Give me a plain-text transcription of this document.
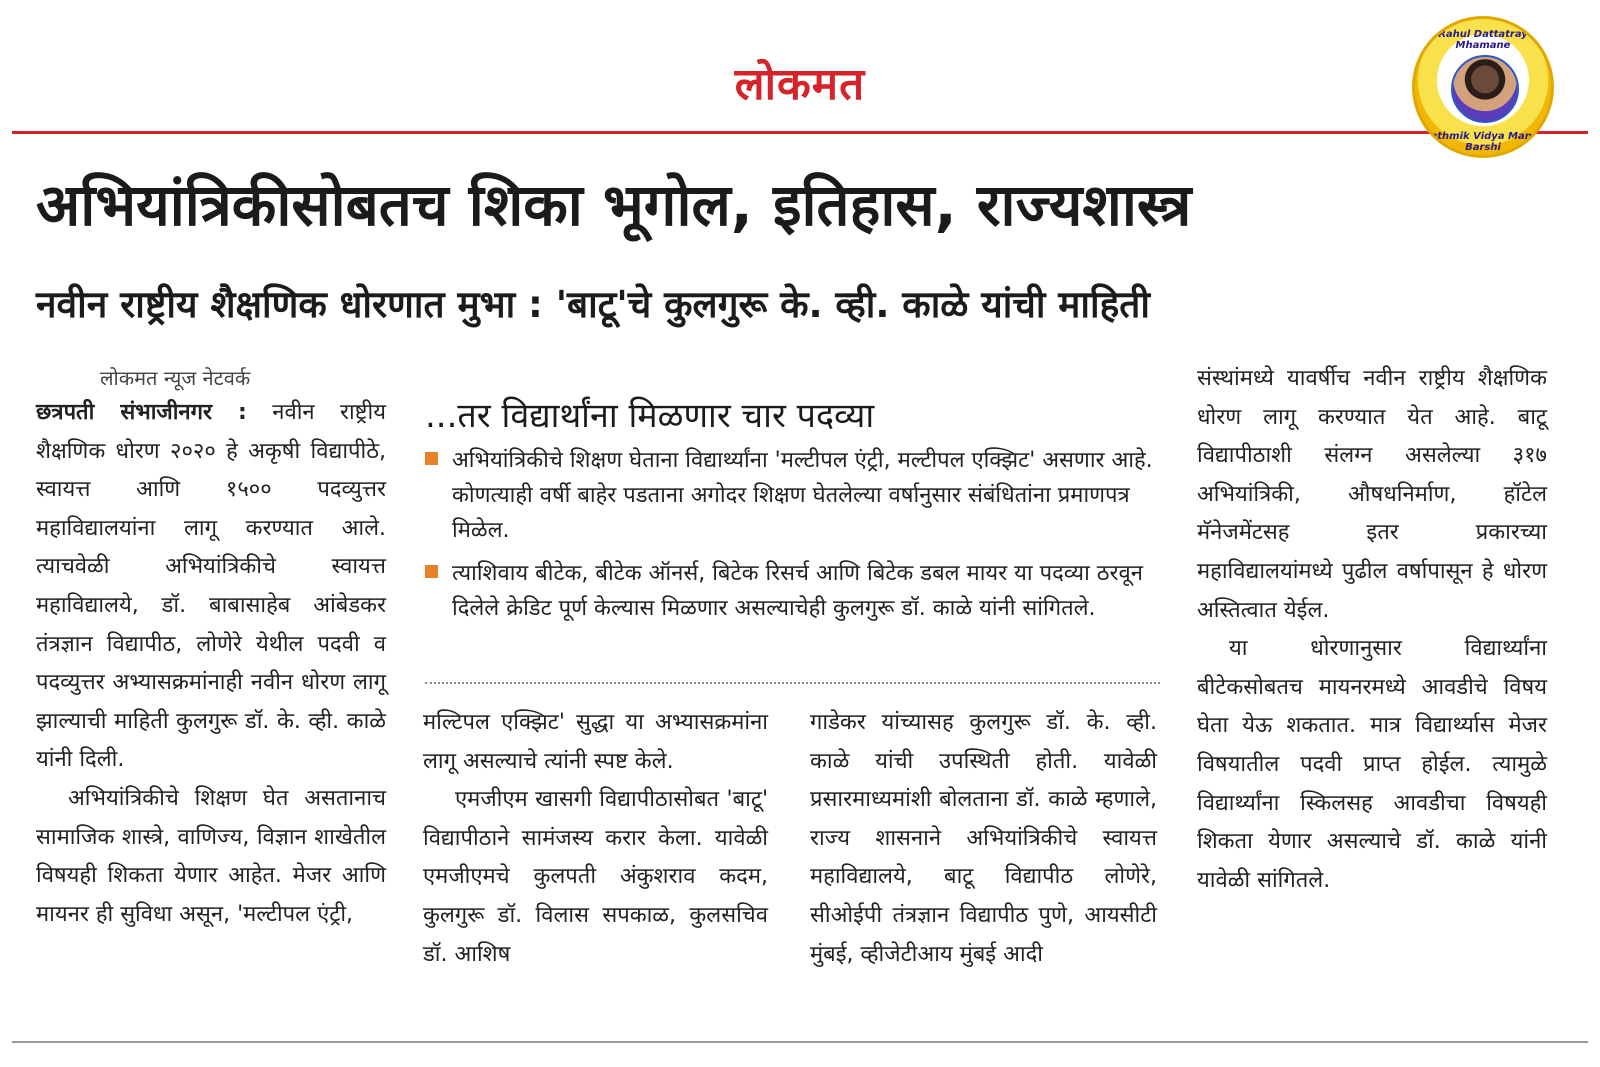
लोकमत
Rahul Dattatray Mhamane
Prathmik Vidya Mandir Barshi
अभियांत्रिकीसोबतच शिका भूगोल, इतिहास, राज्यशास्त्र
नवीन राष्ट्रीय शैक्षणिक धोरणात मुभा : 'बाटू'चे कुलगुरू के. व्ही. काळे यांची माहिती
लोकमत न्यूज नेटवर्क

छत्रपती संभाजीनगर : नवीन राष्ट्रीय शैक्षणिक धोरण २०२० हे अकृषी विद्यापीठे, स्वायत्त आणि १५०० पदव्युत्तर महाविद्यालयांना लागू करण्यात आले. त्याचवेळी अभियांत्रिकीचे स्वायत्त महाविद्यालये, डॉ. बाबासाहेब आंबेडकर तंत्रज्ञान विद्यापीठ, लोणेरे येथील पदवी व पदव्युत्तर अभ्यासक्रमांनाही नवीन धोरण लागू झाल्याची माहिती कुलगुरू डॉ. के. व्ही. काळे यांनी दिली.

अभियांत्रिकीचे शिक्षण घेत असतानाच सामाजिक शास्त्रे, वाणिज्य, विज्ञान शाखेतील विषयही शिकता येणार आहेत. मेजर आणि मायनर ही सुविधा असून, 'मल्टीपल एंट्री,

...तर विद्यार्थांना मिळणार चार पदव्या
अभियांत्रिकीचे शिक्षण घेताना विद्यार्थ्यांना 'मल्टीपल एंट्री, मल्टीपल एक्झिट' असणार आहे. कोणत्याही वर्षी बाहेर पडताना अगोदर शिक्षण घेतलेल्या वर्षानुसार संबंधितांना प्रमाणपत्र मिळेल.
त्याशिवाय बीटेक, बीटेक ऑनर्स, बिटेक रिसर्च आणि बिटेक डबल मायर या पदव्या ठरवून दिलेले क्रेडिट पूर्ण केल्यास मिळणार असल्याचेही कुलगुरू डॉ. काळे यांनी सांगितले.

मल्टिपल एक्झिट' सुद्धा या अभ्यासक्रमांना लागू असल्याचे त्यांनी स्पष्ट केले.

एमजीएम खासगी विद्यापीठासोबत 'बाटू' विद्यापीठाने सामंजस्य करार केला. यावेळी एमजीएमचे कुलपती अंकुशराव कदम, कुलगुरू डॉ. विलास सपकाळ, कुलसचिव डॉ. आशिष

गाडेकर यांच्यासह कुलगुरू डॉ. के. व्ही. काळे यांची उपस्थिती होती. यावेळी प्रसारमाध्यमांशी बोलताना डॉ. काळे म्हणाले, राज्य शासनाने अभियांत्रिकीचे स्वायत्त महाविद्यालये, बाटू विद्यापीठ लोणेरे, सीओईपी तंत्रज्ञान विद्यापीठ पुणे, आयसीटी मुंबई, व्हीजेटीआय मुंबई आदी

संस्थांमध्ये यावर्षीच नवीन राष्ट्रीय शैक्षणिक धोरण लागू करण्यात येत आहे. बाटू विद्यापीठाशी संलग्न असलेल्या ३१७ अभियांत्रिकी, औषधनिर्माण, हॉटेल मॅनेजमेंटसह इतर प्रकारच्या महाविद्यालयांमध्ये पुढील वर्षापासून हे धोरण अस्तित्वात येईल.

या धोरणानुसार विद्यार्थ्यांना बीटेकसोबतच मायनरमध्ये आवडीचे विषय घेता येऊ शकतात. मात्र विद्यार्थ्यास मेजर विषयातील पदवी प्राप्त होईल. त्यामुळे विद्यार्थ्यांना स्किलसह आवडीचा विषयही शिकता येणार असल्याचे डॉ. काळे यांनी यावेळी सांगितले.
